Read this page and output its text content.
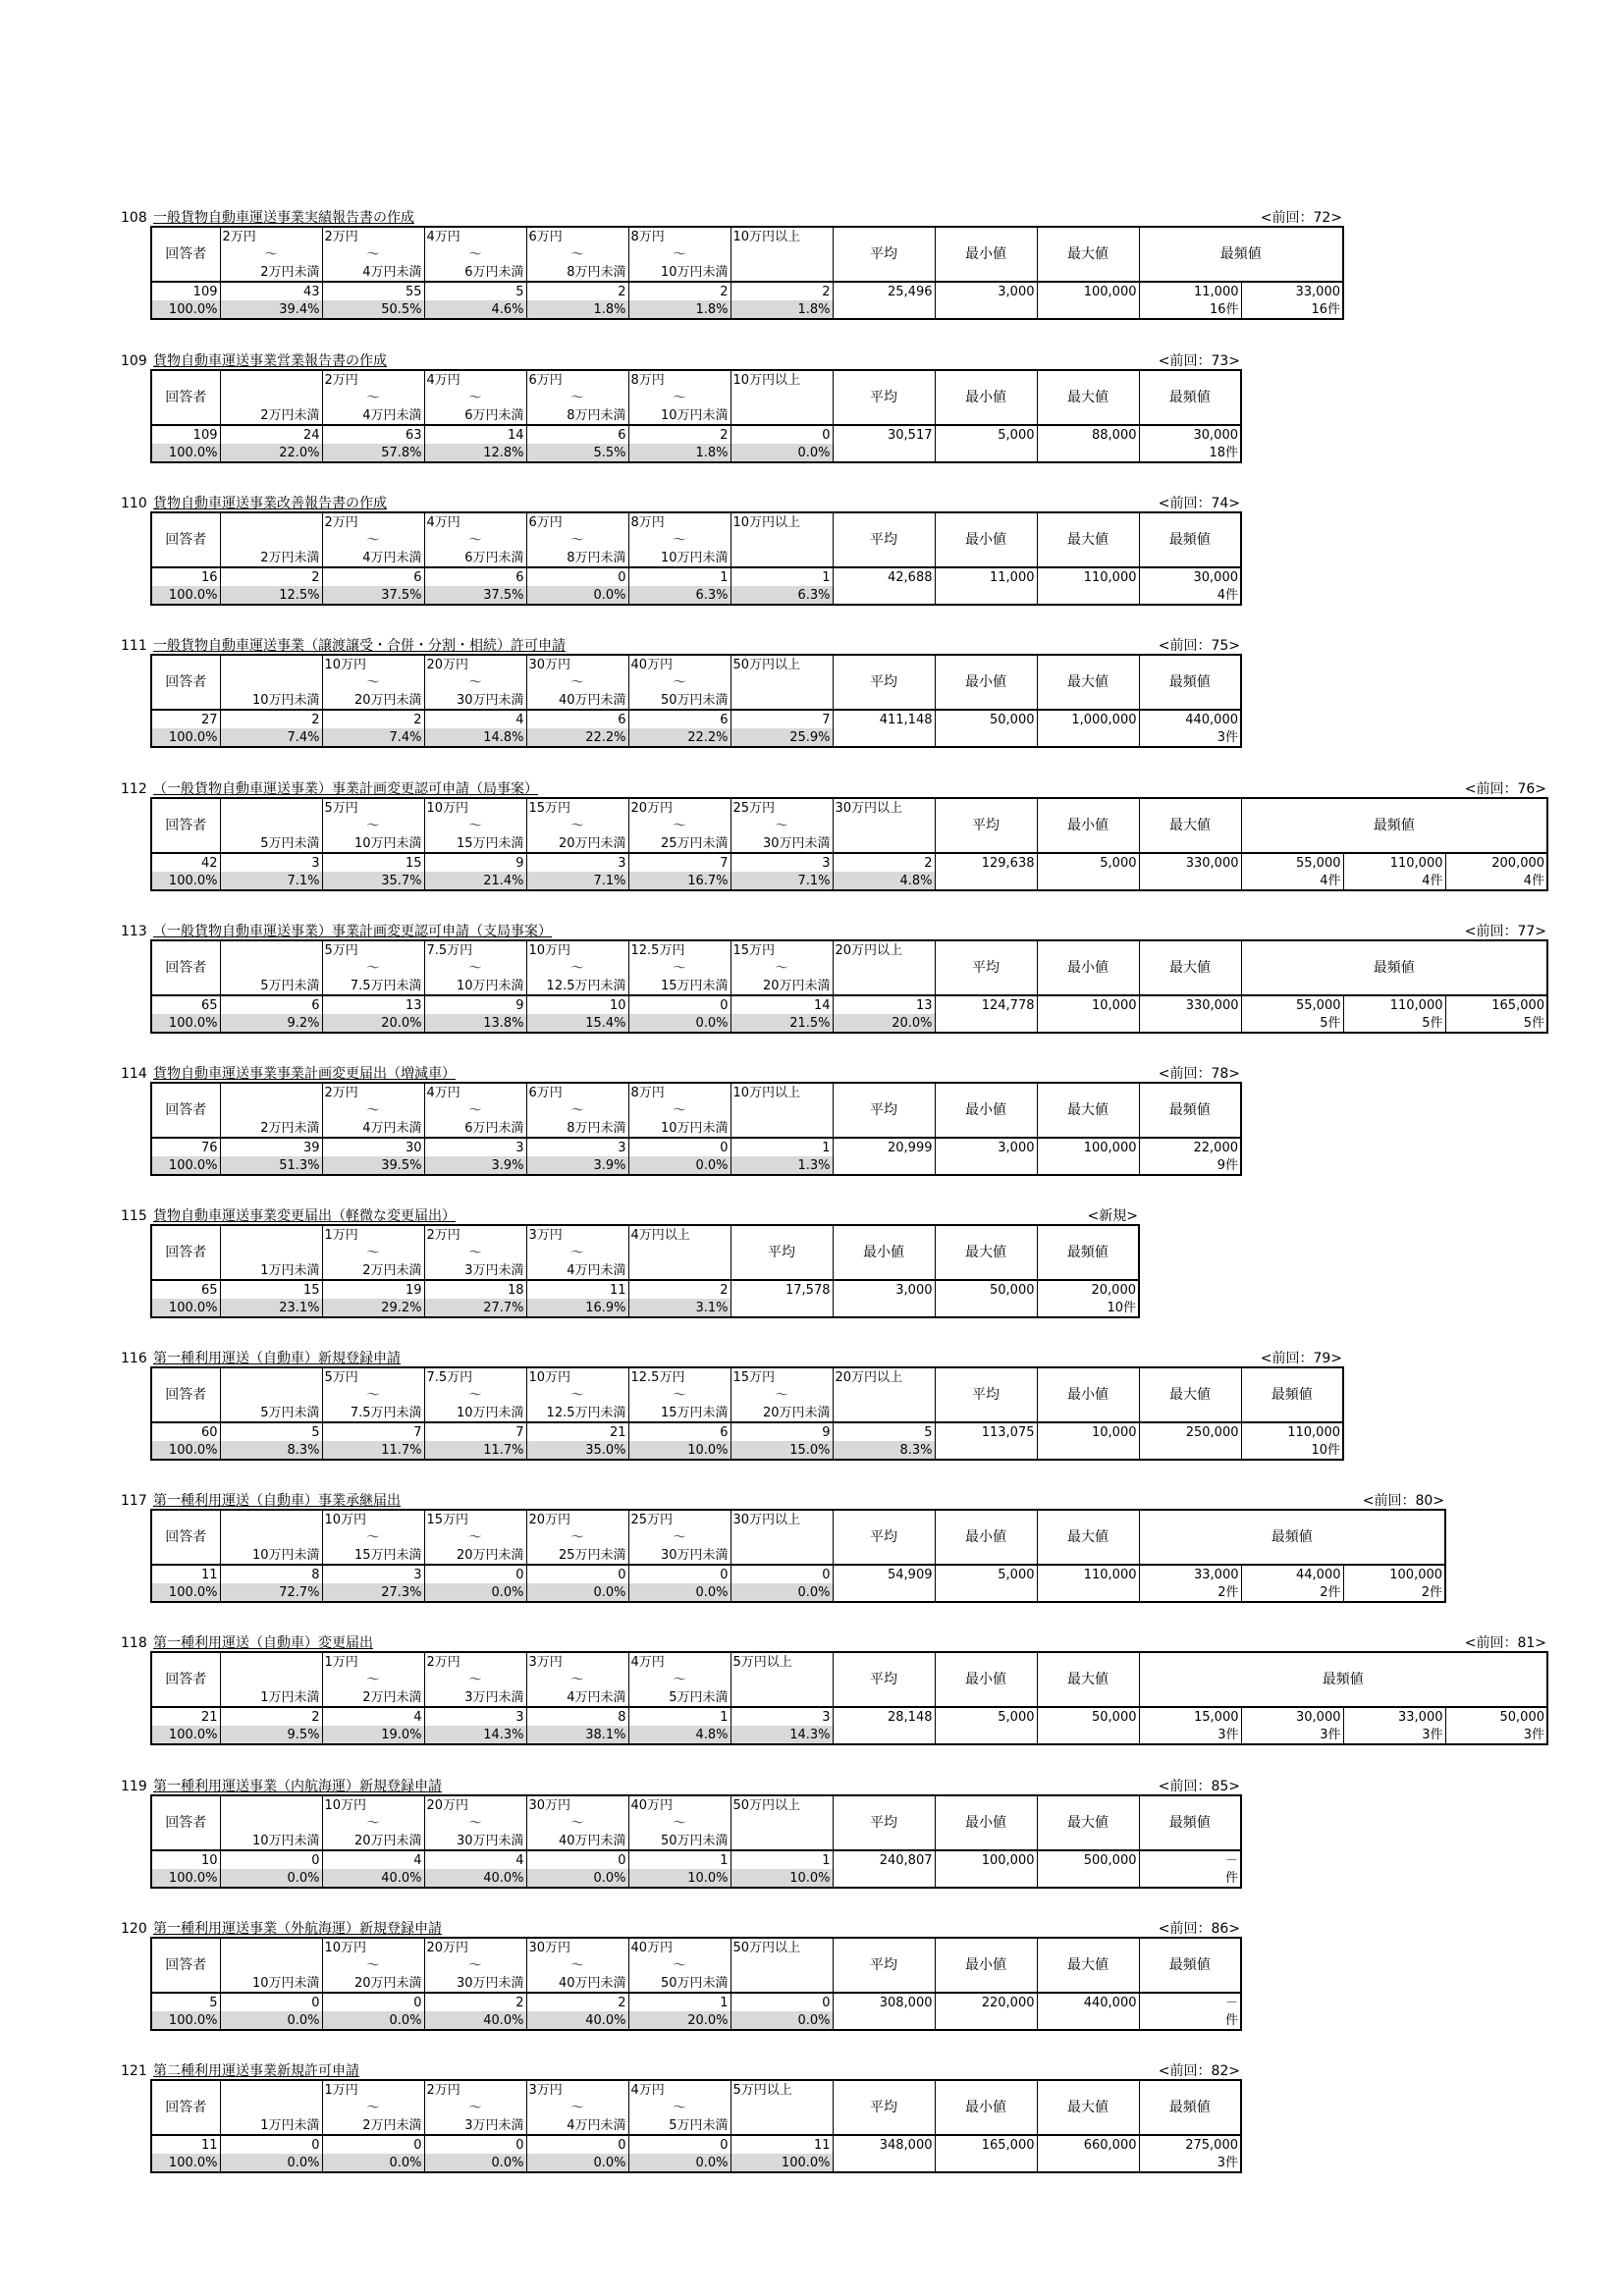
108 一般貨物自動車運送事業実績報告書の作成	<前回：72>
回答者	2万円	2万円	4万円	6万円	8万円	10万円以上	平均	最小値	最大値	最頻値	
	～	～	～	～	～						
	2万円未満	4万円未満	6万円未満	8万円未満	10万円未満						
109	43	55	5	2	2	2	25,496	3,000	100,000	11,000	33,000
100.0%	39.4%	50.5%	4.6%	1.8%	1.8%	1.8%				16件	16件
109 貨物自動車運送事業営業報告書の作成	<前回：73>
回答者		2万円	4万円	6万円	8万円	10万円以上	平均	最小値	最大値	最頻値
		～	～	～	～					
	2万円未満	4万円未満	6万円未満	8万円未満	10万円未満					
109	24	63	14	6	2	0	30,517	5,000	88,000	30,000
100.0%	22.0%	57.8%	12.8%	5.5%	1.8%	0.0%				18件
110 貨物自動車運送事業改善報告書の作成	<前回：74>
回答者		2万円	4万円	6万円	8万円	10万円以上	平均	最小値	最大値	最頻値
		～	～	～	～					
	2万円未満	4万円未満	6万円未満	8万円未満	10万円未満					
16	2	6	6	0	1	1	42,688	11,000	110,000	30,000
100.0%	12.5%	37.5%	37.5%	0.0%	6.3%	6.3%				4件
111 一般貨物自動車運送事業（譲渡譲受・合併・分割・相続）許可申請	<前回：75>
回答者		10万円	20万円	30万円	40万円	50万円以上	平均	最小値	最大値	最頻値
		～	～	～	～					
	10万円未満	20万円未満	30万円未満	40万円未満	50万円未満					
27	2	2	4	6	6	7	411,148	50,000	1,000,000	440,000
100.0%	7.4%	7.4%	14.8%	22.2%	22.2%	25.9%				3件
112 （一般貨物自動車運送事業）事業計画変更認可申請（局事案）	<前回：76>
回答者		5万円	10万円	15万円	20万円	25万円	30万円以上	平均	最小値	最大値	最頻値		
		～	～	～	～	～							
	5万円未満	10万円未満	15万円未満	20万円未満	25万円未満	30万円未満							
42	3	15	9	3	7	3	2	129,638	5,000	330,000	55,000	110,000	200,000
100.0%	7.1%	35.7%	21.4%	7.1%	16.7%	7.1%	4.8%				4件	4件	4件
113 （一般貨物自動車運送事業）事業計画変更認可申請（支局事案）	<前回：77>
回答者		5万円	7.5万円	10万円	12.5万円	15万円	20万円以上	平均	最小値	最大値	最頻値		
		～	～	～	～	～							
	5万円未満	7.5万円未満	10万円未満	12.5万円未満	15万円未満	20万円未満							
65	6	13	9	10	0	14	13	124,778	10,000	330,000	55,000	110,000	165,000
100.0%	9.2%	20.0%	13.8%	15.4%	0.0%	21.5%	20.0%				5件	5件	5件
114 貨物自動車運送事業事業計画変更届出（増減車）	<前回：78>
回答者		2万円	4万円	6万円	8万円	10万円以上	平均	最小値	最大値	最頻値
		～	～	～	～					
	2万円未満	4万円未満	6万円未満	8万円未満	10万円未満					
76	39	30	3	3	0	1	20,999	3,000	100,000	22,000
100.0%	51.3%	39.5%	3.9%	3.9%	0.0%	1.3%				9件
115 貨物自動車運送事業変更届出（軽微な変更届出）	<新規>
回答者		1万円	2万円	3万円	4万円以上	平均	最小値	最大値	最頻値
		～	～	～					
	1万円未満	2万円未満	3万円未満	4万円未満					
65	15	19	18	11	2	17,578	3,000	50,000	20,000
100.0%	23.1%	29.2%	27.7%	16.9%	3.1%				10件
116 第一種利用運送（自動車）新規登録申請	<前回：79>
回答者		5万円	7.5万円	10万円	12.5万円	15万円	20万円以上	平均	最小値	最大値	最頻値
		～	～	～	～	～					
	5万円未満	7.5万円未満	10万円未満	12.5万円未満	15万円未満	20万円未満					
60	5	7	7	21	6	9	5	113,075	10,000	250,000	110,000
100.0%	8.3%	11.7%	11.7%	35.0%	10.0%	15.0%	8.3%				10件
117 第一種利用運送（自動車）事業承継届出	<前回：80>
回答者		10万円	15万円	20万円	25万円	30万円以上	平均	最小値	最大値	最頻値		
		～	～	～	～							
	10万円未満	15万円未満	20万円未満	25万円未満	30万円未満							
11	8	3	0	0	0	0	54,909	5,000	110,000	33,000	44,000	100,000
100.0%	72.7%	27.3%	0.0%	0.0%	0.0%	0.0%				2件	2件	2件
118 第一種利用運送（自動車）変更届出	<前回：81>
回答者		1万円	2万円	3万円	4万円	5万円以上	平均	最小値	最大値	最頻値			
		～	～	～	～								
	1万円未満	2万円未満	3万円未満	4万円未満	5万円未満								
21	2	4	3	8	1	3	28,148	5,000	50,000	15,000	30,000	33,000	50,000
100.0%	9.5%	19.0%	14.3%	38.1%	4.8%	14.3%				3件	3件	3件	3件
119 第一種利用運送事業（内航海運）新規登録申請	<前回：85>
回答者		10万円	20万円	30万円	40万円	50万円以上	平均	最小値	最大値	最頻値
		～	～	～	～					
	10万円未満	20万円未満	30万円未満	40万円未満	50万円未満					
10	0	4	4	0	1	1	240,807	100,000	500,000	－
100.0%	0.0%	40.0%	40.0%	0.0%	10.0%	10.0%				件
120 第一種利用運送事業（外航海運）新規登録申請	<前回：86>
回答者		10万円	20万円	30万円	40万円	50万円以上	平均	最小値	最大値	最頻値
		～	～	～	～					
	10万円未満	20万円未満	30万円未満	40万円未満	50万円未満					
5	0	0	2	2	1	0	308,000	220,000	440,000	－
100.0%	0.0%	0.0%	40.0%	40.0%	20.0%	0.0%				件
121 第二種利用運送事業新規許可申請	<前回：82>
回答者		1万円	2万円	3万円	4万円	5万円以上	平均	最小値	最大値	最頻値
		～	～	～	～					
	1万円未満	2万円未満	3万円未満	4万円未満	5万円未満					
11	0	0	0	0	0	11	348,000	165,000	660,000	275,000
100.0%	0.0%	0.0%	0.0%	0.0%	0.0%	100.0%				3件
